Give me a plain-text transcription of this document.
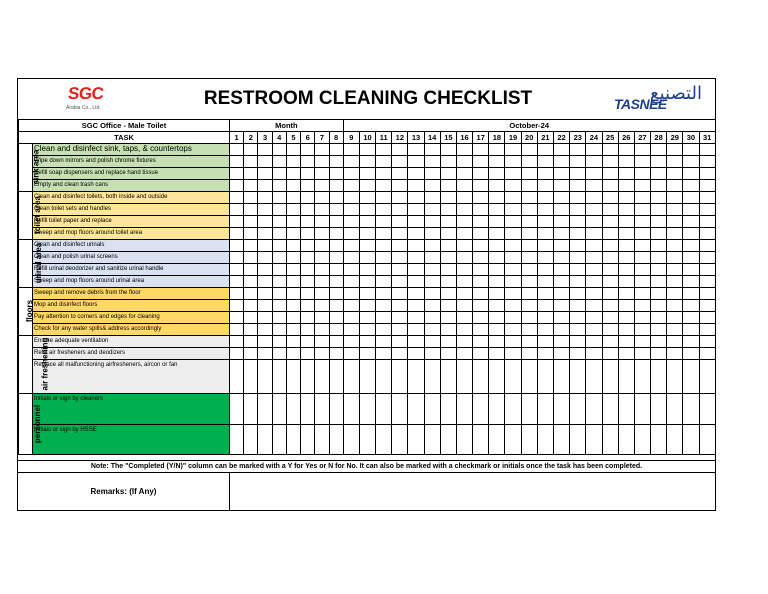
SGC
Arabia Co., Ltd.	RESTROOM CLEANING CHECKLIST	التصنيع
TASNEE
SGC Office - Male Toilet		Month								October-24																						
TASK		1	2	3	4	5	6	7	8	9	10	11	12	13	14	15	16	17	18	19	20	21	22	23	24	25	26	27	28	29	30	31
sink area	Clean and disinfect sink, taps, & countertops																															
	Wipe down mirrors and polish chrome fixtures																															
	Refill soap dispensers and replace hand tissue																															
	Empty and clean trash cans																															
toilet area	Clean and disinfect toilets, both inside and outside																															
	Clean toilet sets and handles																															
	Refill toilet paper and replace																															
	Sweep and mop floors around toilet area																															
urinal area	Clean and disinfect urinals																															
	Clean and polish urinal screens																															
	Refill urinal deodorizer and sanitize urinal handle																															
	Sweep and mop floors around urinal area																															
floors	Sweep and remove debris from the floor																															
	Mop and disinfect floors																															
	Pay attention to corners and edges for cleaning																															
	Check for any water spills& address accordingly																															
air freshening	Ensure adequate ventilation																															
	Refill air fresheners and deodizers																															
	Replace all malfunctioning airfresheners, aircon or fan																															
personnel	Initials or sign by cleaners																															
	Initials or sign by HSSE																															
Note: The "Completed (Y/N)" column can be marked with a Y for Yes or N for No. It can also be marked with a checkmark or initials once the task has been completed.
Remarks: (If Any)
